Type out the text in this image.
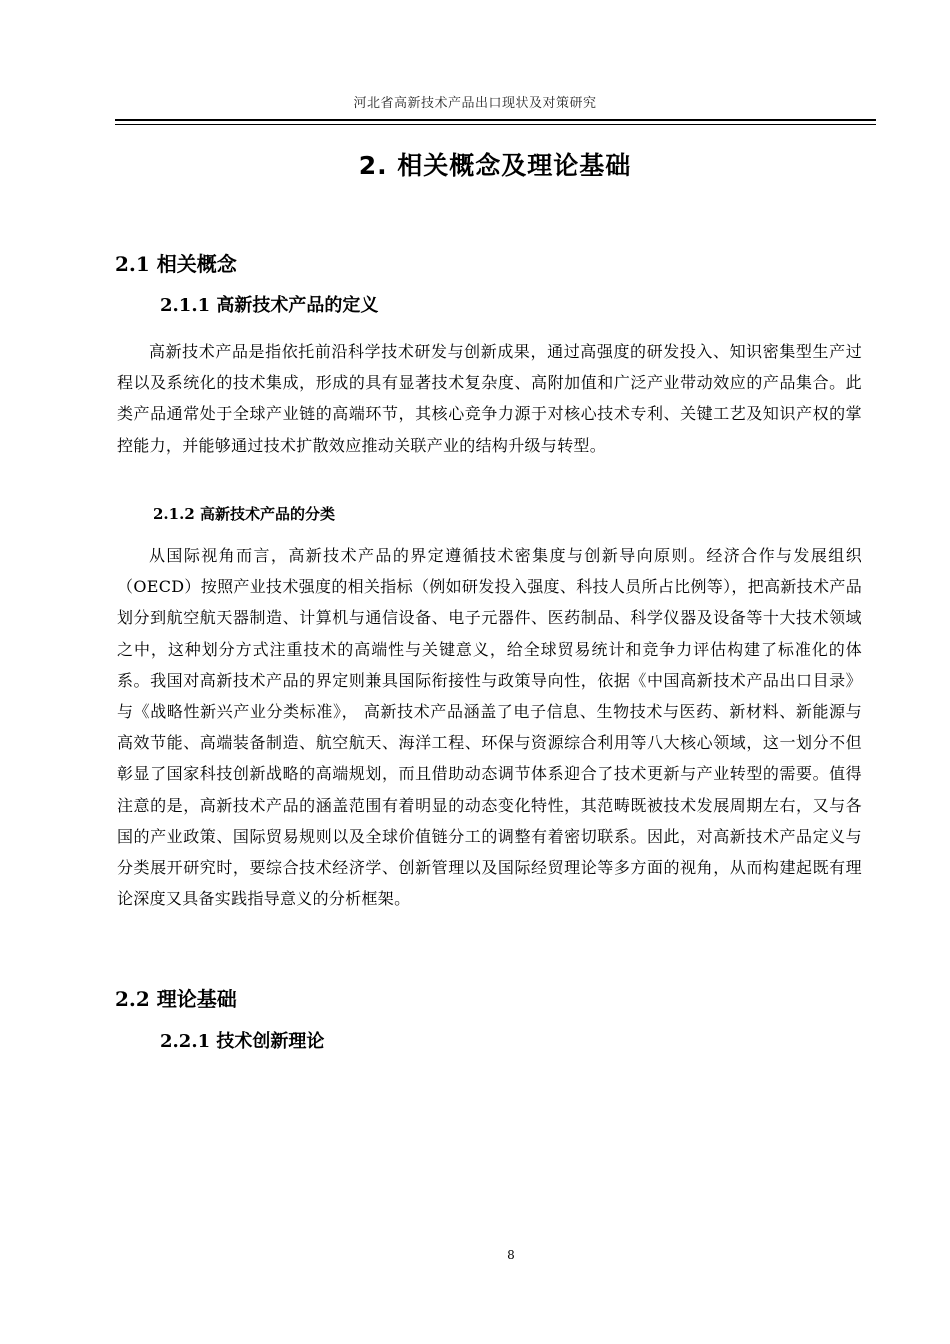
河北省高新技术产品出口现状及对策研究
2. 相关概念及理论基础
2.1 相关概念
2.1.1 高新技术产品的定义

高新技术产品是指依托前沿科学技术研发与创新成果，通过高强度的研发投入、知识密集型生产过程以及系统化的技术集成，形成的具有显著技术复杂度、高附加值和广泛产业带动效应的产品集合。此类产品通常处于全球产业链的高端环节，其核心竞争力源于对核心技术专利、关键工艺及知识产权的掌控能力，并能够通过技术扩散效应推动关联产业的结构升级与转型。

2.1.2 高新技术产品的分类

从国际视角而言，高新技术产品的界定遵循技术密集度与创新导向原则。经济合作与发展组织（OECD）按照产业技术强度的相关指标（例如研发投入强度、科技人员所占比例等），把高新技术产品划分到航空航天器制造、计算机与通信设备、电子元器件、医药制品、科学仪器及设备等十大技术领域之中，这种划分方式注重技术的高端性与关键意义，给全球贸易统计和竞争力评估构建了标准化的体系。我国对高新技术产品的界定则兼具国际衔接性与政策导向性，依据《中国高新技术产品出口目录》与《战略性新兴产业分类标准》， 高新技术产品涵盖了电子信息、生物技术与医药、新材料、新能源与高效节能、高端装备制造、航空航天、海洋工程、环保与资源综合利用等八大核心领域，这一划分不但彰显了国家科技创新战略的高端规划，而且借助动态调节体系迎合了技术更新与产业转型的需要。值得注意的是，高新技术产品的涵盖范围有着明显的动态变化特性，其范畴既被技术发展周期左右，又与各国的产业政策、国际贸易规则以及全球价值链分工的调整有着密切联系。因此，对高新技术产品定义与分类展开研究时，要综合技术经济学、创新管理以及国际经贸理论等多方面的视角，从而构建起既有理论深度又具备实践指导意义的分析框架。

2.2 理论基础
2.2.1 技术创新理论
8
